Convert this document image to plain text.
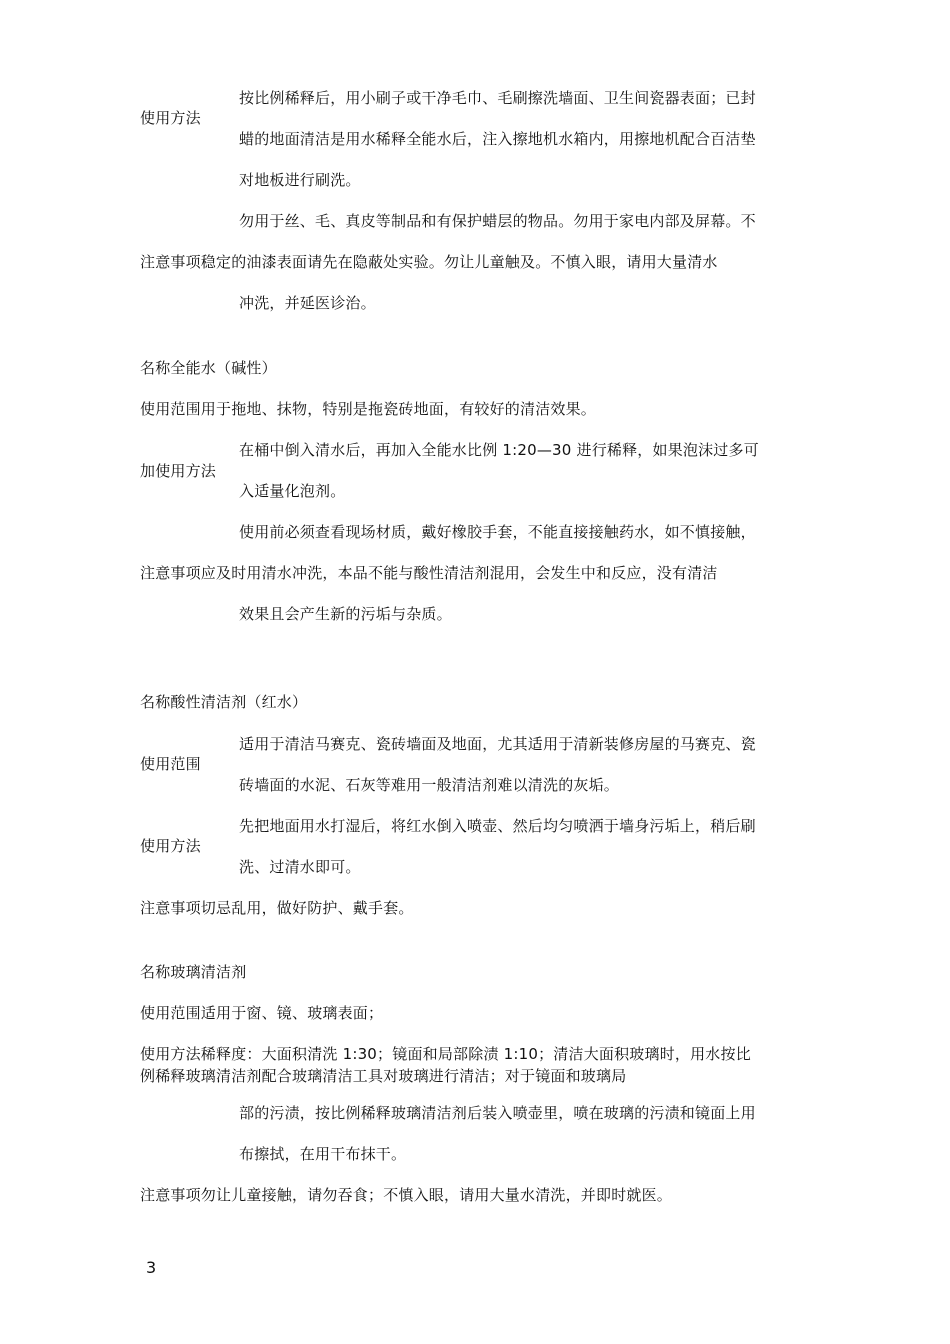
按比例稀释后，用小刷子或干净毛巾、毛刷擦洗墙面、卫生间瓷器表面；已封

使用方法

蜡的地面清洁是用水稀释全能水后，注入擦地机水箱内，用擦地机配合百洁垫

对地板进行刷洗。

勿用于丝、毛、真皮等制品和有保护蜡层的物品。勿用于家电内部及屏幕。不

注意事项稳定的油漆表面请先在隐蔽处实验。勿让儿童触及。不慎入眼，请用大量清水

冲洗，并延医诊治。

名称全能水（碱性）

使用范围用于拖地、抹物，特别是拖瓷砖地面，有较好的清洁效果。

在桶中倒入清水后，再加入全能水比例 1:20—30 进行稀释，如果泡沫过多可

加使用方法

入适量化泡剂。

使用前必须查看现场材质，戴好橡胶手套，不能直接接触药水，如不慎接触，

注意事项应及时用清水冲洗，本品不能与酸性清洁剂混用，会发生中和反应，没有清洁

效果且会产生新的污垢与杂质。

名称酸性清洁剂（红水）

适用于清洁马赛克、瓷砖墙面及地面，尤其适用于清新装修房屋的马赛克、瓷

使用范围

砖墙面的水泥、石灰等难用一般清洁剂难以清洗的灰垢。

先把地面用水打湿后，将红水倒入喷壶、然后均匀喷洒于墙身污垢上，稍后刷

使用方法

洗、过清水即可。

注意事项切忌乱用，做好防护、戴手套。

名称玻璃清洁剂

使用范围适用于窗、镜、玻璃表面；

使用方法稀释度：大面积清洗 1:30；镜面和局部除渍 1:10；清洁大面积玻璃时，用水按比

例稀释玻璃清洁剂配合玻璃清洁工具对玻璃进行清洁；对于镜面和玻璃局

部的污渍，按比例稀释玻璃清洁剂后装入喷壶里，喷在玻璃的污渍和镜面上用

布擦拭，在用干布抹干。

注意事项勿让儿童接触，请勿吞食；不慎入眼，请用大量水清洗，并即时就医。

3
